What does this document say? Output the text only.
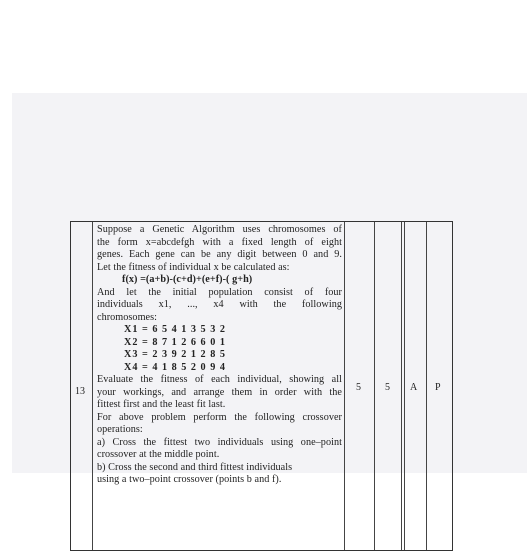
13
Suppose a Genetic Algorithm uses chromosomes of
the form x=abcdefgh with a fixed length of eight
genes. Each gene can be any digit between 0 and 9.
Let the fitness of individual x be calculated as:
f(x) =(a+b)-(c+d)+(e+f)-( g+h)
And let the initial population consist of four
individuals x1, ..., x4 with the following
chromosomes:
X1 = 6 5 4 1 3 5 3 2
X2 = 8 7 1 2 6 6 0 1
X3 = 2 3 9 2 1 2 8 5
X4 = 4 1 8 5 2 0 9 4
Evaluate the fitness of each individual, showing all
your workings, and arrange them in order with the
fittest first and the least fit last.
For above problem perform the following crossover
operations:
a) Cross the fittest two individuals using one–point
crossover at the middle point.
b) Cross the second and third fittest individuals
using a two–point crossover (points b and f).
5 5 A P
